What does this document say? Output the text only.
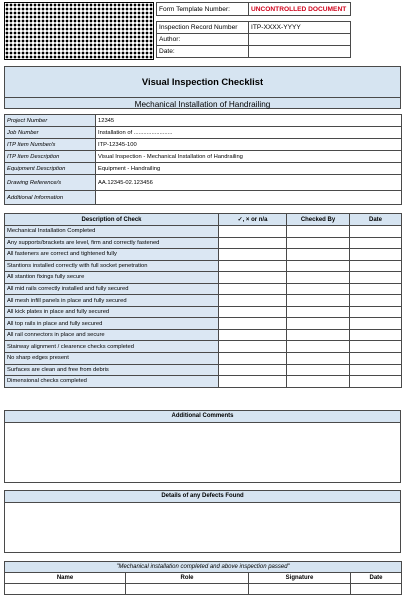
Form Template Number:	UNCONTROLLED DOCUMENT

Inspection Record Number	ITP-XXXX-YYYY
Author:	
Date:	
Visual Inspection Checklist
Mechanical Installation of Handrailing
Project Number	12345
Job Number	Installation of ........................
ITP Item Number/s	ITP-12345-100
ITP Item Description	Visual Inspection - Mechanical Installation of Handrailing
Equipment Description	Equipment - Handrailing
Drawing Reference/s	AA.12345-02.123456
Additional Information	
Description of Check	✓, × or n/a	Checked By	Date
Mechanical Installation Completed			
Any supports/brackets are level, firm and correctly fastened			
All fasteners are correct and tightened fully			
Stantions installed correctly with full socket penetration			
All stantion fixings fully secure			
All mid rails correctly installed and fully secured			
All mesh infill panels in place and fully secured			
All kick plates in place and fully secured			
All top rails in place and fully secured			
All rail connectors in place and secure			
Stairway alignment / clearence checks completed			
No sharp edges present			
Surfaces are clean and free from debris			
Dimensional checks completed			
Additional Comments
Details of any Defects Found
"Mechanical installation completed and above inspection passed"			
Name	Role	Signature	Date
